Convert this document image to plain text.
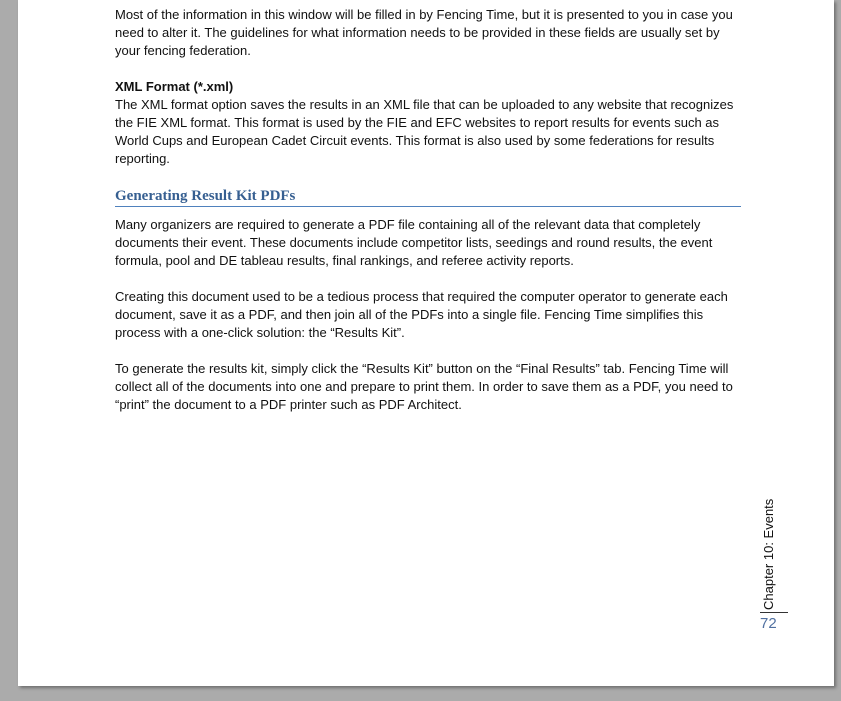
Most of the information in this window will be filled in by Fencing Time, but it is presented to you in case you need to alter it. The guidelines for what information needs to be provided in these fields are usually set by your fencing federation.

XML Format (*.xml)

The XML format option saves the results in an XML file that can be uploaded to any website that recognizes the FIE XML format. This format is used by the FIE and EFC websites to report results for events such as World Cups and European Cadet Circuit events. This format is also used by some federations for results reporting.

Generating Result Kit PDFs

Many organizers are required to generate a PDF file containing all of the relevant data that completely documents their event. These documents include competitor lists, seedings and round results, the event formula, pool and DE tableau results, final rankings, and referee activity reports.

Creating this document used to be a tedious process that required the computer operator to generate each document, save it as a PDF, and then join all of the PDFs into a single file. Fencing Time simplifies this process with a one-click solution: the “Results Kit”.

To generate the results kit, simply click the “Results Kit” button on the “Final Results” tab. Fencing Time will collect all of the documents into one and prepare to print them. In order to save them as a PDF, you need to “print” the document to a PDF printer such as PDF Architect.

Chapter 10: Events
72
